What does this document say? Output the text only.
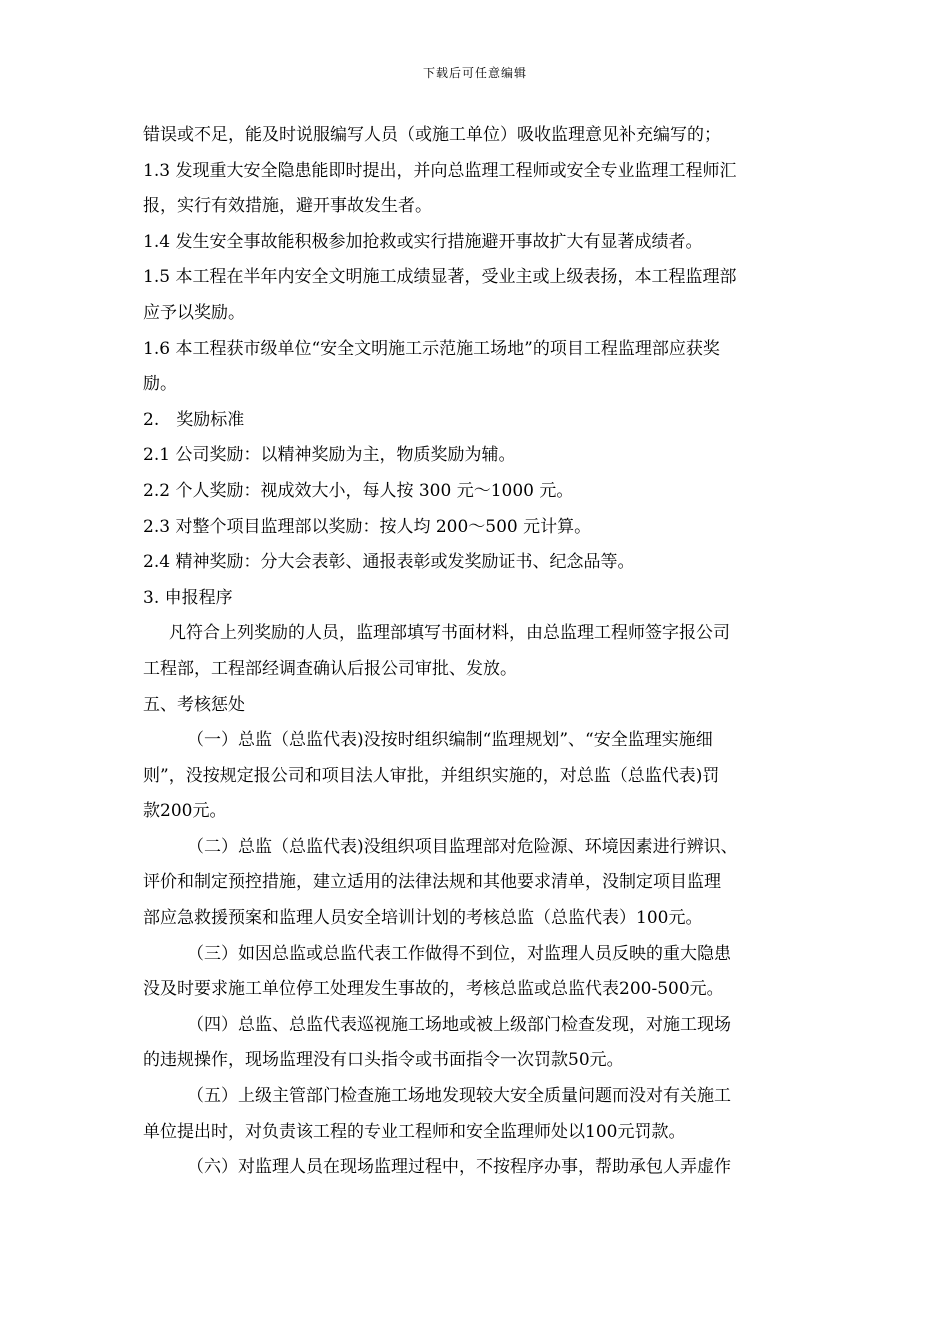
下载后可任意编辑
错误或不足，能及时说服编写人员（或施工单位）吸收监理意见补充编写的；
1.3 发现重大安全隐患能即时提出，并向总监理工程师或安全专业监理工程师汇
报，实行有效措施，避开事故发生者。
1.4 发生安全事故能积极参加抢救或实行措施避开事故扩大有显著成绩者。
1.5 本工程在半年内安全文明施工成绩显著，受业主或上级表扬，本工程监理部
应予以奖励。
1.6 本工程获市级单位“安全文明施工示范施工场地”的项目工程监理部应获奖
励。
2.　奖励标准
2.1 公司奖励：以精神奖励为主，物质奖励为辅。
2.2 个人奖励：视成效大小，每人按 300 元～1000 元。
2.3 对整个项目监理部以奖励：按人均 200～500 元计算。
2.4 精神奖励：分大会表彰、通报表彰或发奖励证书、纪念品等。
3. 申报程序
凡符合上列奖励的人员，监理部填写书面材料，由总监理工程师签字报公司
工程部，工程部经调查确认后报公司审批、发放。
五、考核惩处
（一）总监（总监代表)没按时组织编制“监理规划”、“安全监理实施细
则”，没按规定报公司和项目法人审批，并组织实施的，对总监（总监代表)罚
款200元。
（二）总监（总监代表)没组织项目监理部对危险源、环境因素进行辨识、
评价和制定预控措施，建立适用的法律法规和其他要求清单，没制定项目监理
部应急救援预案和监理人员安全培训计划的考核总监（总监代表）100元。
（三）如因总监或总监代表工作做得不到位，对监理人员反映的重大隐患
没及时要求施工单位停工处理发生事故的，考核总监或总监代表200-500元。
（四）总监、总监代表巡视施工场地或被上级部门检查发现，对施工现场
的违规操作，现场监理没有口头指令或书面指令一次罚款50元。
（五）上级主管部门检查施工场地发现较大安全质量问题而没对有关施工
单位提出时，对负责该工程的专业工程师和安全监理师处以100元罚款。
（六）对监理人员在现场监理过程中，不按程序办事，帮助承包人弄虚作
